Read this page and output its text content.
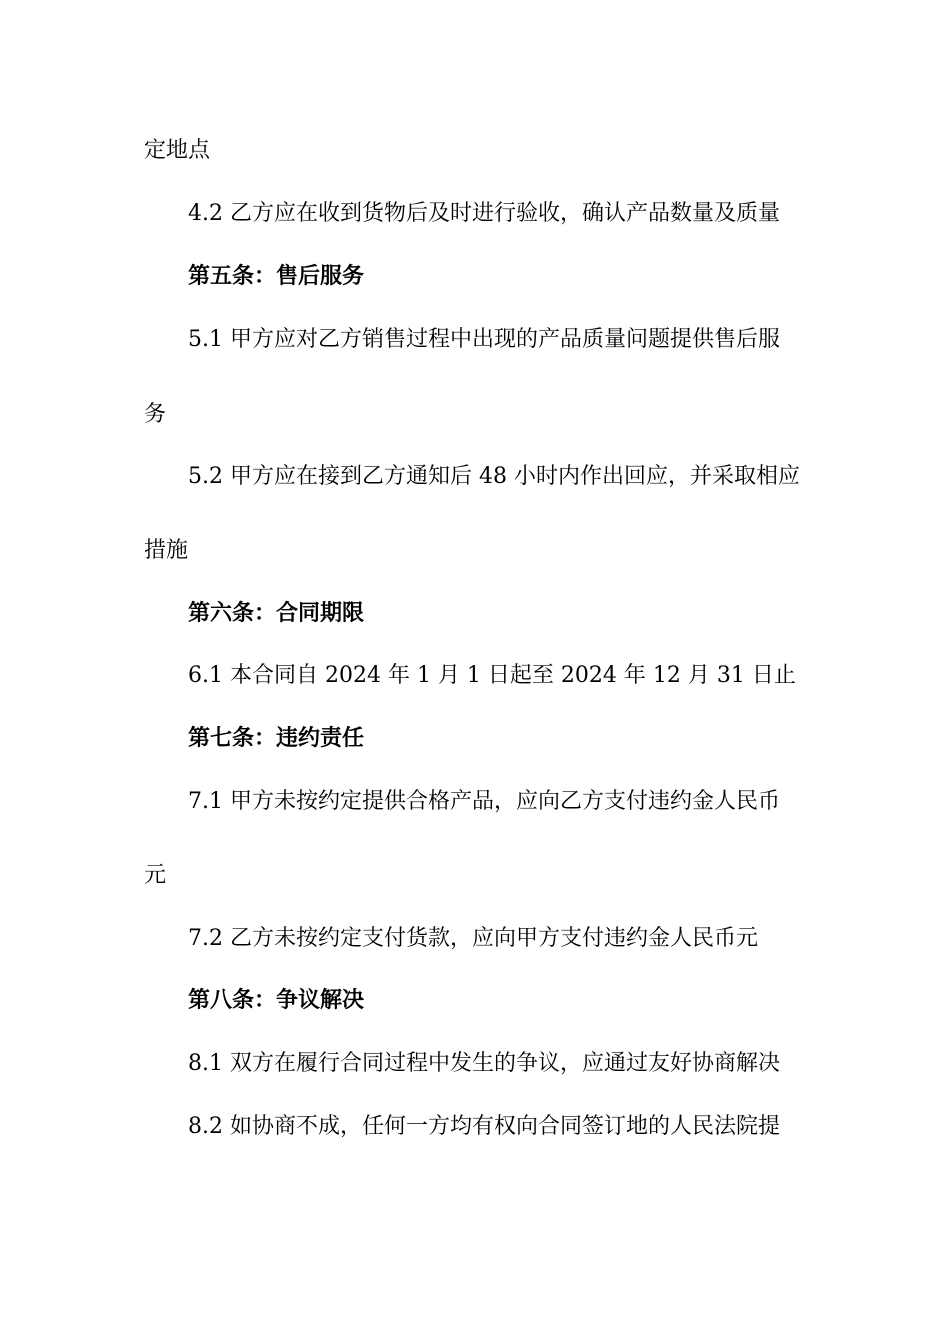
定地点
4.2 乙方应在收到货物后及时进行验收，确认产品数量及质量
第五条：售后服务
5.1 甲方应对乙方销售过程中出现的产品质量问题提供售后服
务
5.2 甲方应在接到乙方通知后 48 小时内作出回应，并采取相应
措施
第六条：合同期限
6.1 本合同自 2024 年 1 月 1 日起至 2024 年 12 月 31 日止
第七条：违约责任
7.1 甲方未按约定提供合格产品，应向乙方支付违约金人民币
元
7.2 乙方未按约定支付货款，应向甲方支付违约金人民币元
第八条：争议解决
8.1 双方在履行合同过程中发生的争议，应通过友好协商解决
8.2 如协商不成，任何一方均有权向合同签订地的人民法院提
